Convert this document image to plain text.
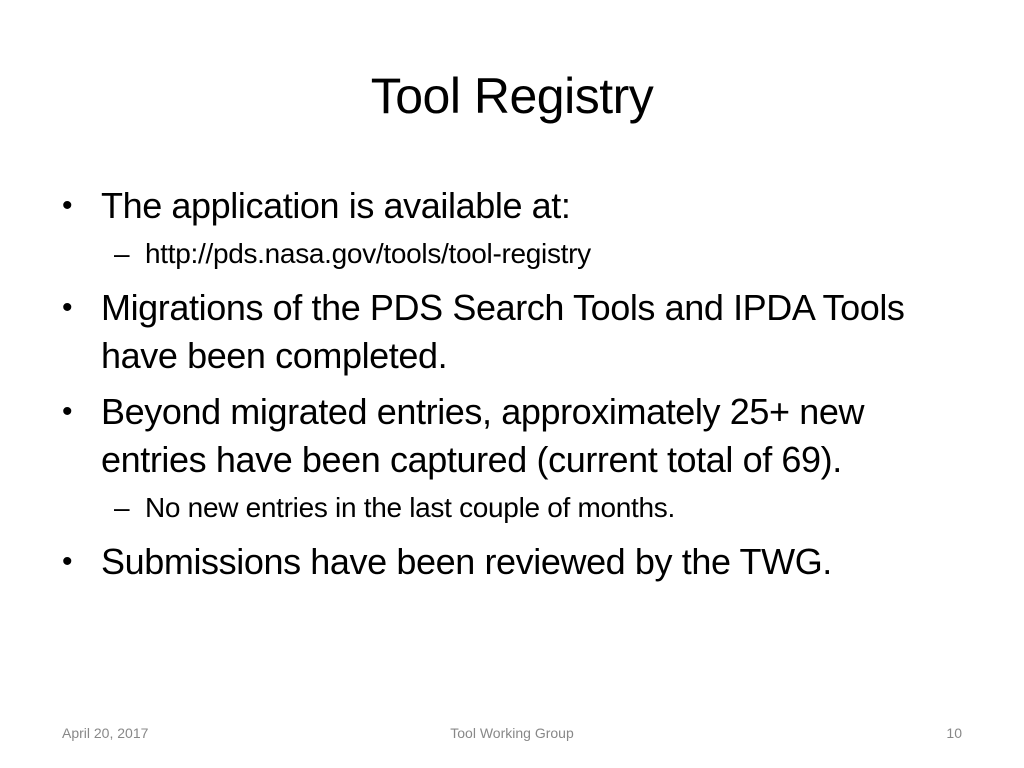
Tool Registry
• The application is available at:
– http://pds.nasa.gov/tools/tool-registry
• Migrations of the PDS Search Tools and IPDA Tools have been completed.
• Beyond migrated entries, approximately 25+ new entries have been captured (current total of 69).
– No new entries in the last couple of months.
• Submissions have been reviewed by the TWG.
April 20, 2017	Tool Working Group	10
